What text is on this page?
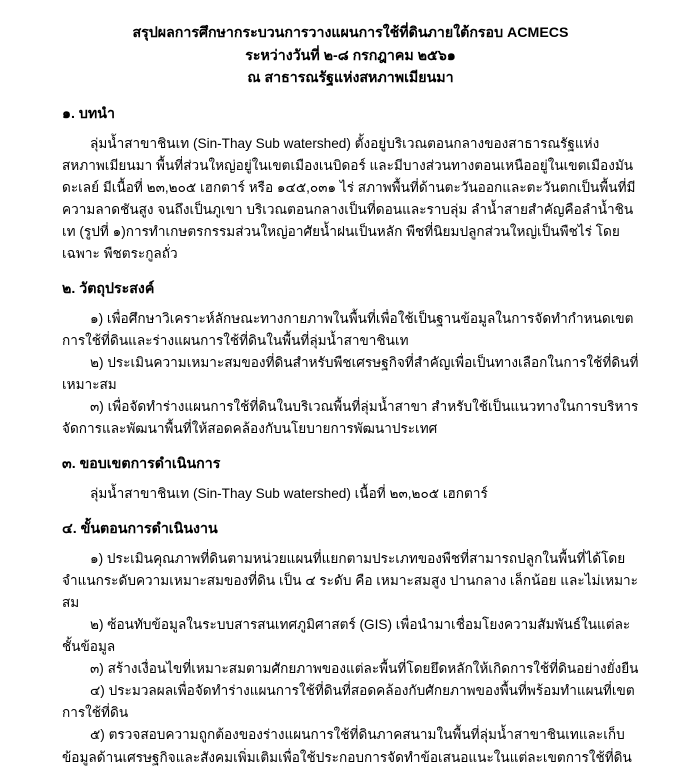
สรุปผลการศึกษากระบวนการวางแผนการใช้ที่ดินภายใต้กรอบ ACMECS
ระหว่างวันที่ ๒-๘ กรกฎาคม ๒๕๖๑
ณ สาธารณรัฐแห่งสหภาพเมียนมา
๑. บทนำ

ลุ่มน้ำสาขาชินเท (Sin-Thay Sub watershed) ตั้งอยู่บริเวณตอนกลางของสาธารณรัฐแห่งสหภาพเมียนมา พื้นที่ส่วนใหญ่อยู่ในเขตเมืองเนบิดอร์ และมีบางส่วนทางตอนเหนืออยู่ในเขตเมืองมันดะเลย์ มีเนื้อที่ ๒๓,๒๐๕ เฮกตาร์ หรือ ๑๔๕,๐๓๑ ไร่ สภาพพื้นที่ด้านตะวันออกและตะวันตกเป็นพื้นที่มีความลาดชันสูง จนถึงเป็นภูเขา บริเวณตอนกลางเป็นที่ดอนและราบลุ่ม ลำน้ำสายสำคัญคือลำน้ำชินเท (รูปที่ ๑)การทำเกษตรกรรมส่วนใหญ่อาศัยน้ำฝนเป็นหลัก พืชที่นิยมปลูกส่วนใหญ่เป็นพืชไร่ โดยเฉพาะ พืชตระกูลถั่ว

๒. วัตถุประสงค์

๑) เพื่อศึกษาวิเคราะห์ลักษณะทางกายภาพในพื้นที่เพื่อใช้เป็นฐานข้อมูลในการจัดทำกำหนดเขตการใช้ที่ดินและร่างแผนการใช้ที่ดินในพื้นที่ลุ่มน้ำสาขาชินเท

๒) ประเมินความเหมาะสมของที่ดินสำหรับพืชเศรษฐกิจที่สำคัญเพื่อเป็นทางเลือกในการใช้ที่ดินที่เหมาะสม

๓) เพื่อจัดทำร่างแผนการใช้ที่ดินในบริเวณพื้นที่ลุ่มน้ำสาขา สำหรับใช้เป็นแนวทางในการบริหารจัดการและพัฒนาพื้นที่ให้สอดคล้องกับนโยบายการพัฒนาประเทศ

๓. ขอบเขตการดำเนินการ

ลุ่มน้ำสาขาชินเท (Sin-Thay Sub watershed) เนื้อที่ ๒๓,๒๐๕ เฮกตาร์

๔. ขั้นตอนการดำเนินงาน

๑) ประเมินคุณภาพที่ดินตามหน่วยแผนที่แยกตามประเภทของพืชที่สามารถปลูกในพื้นที่ได้โดยจำแนกระดับความเหมาะสมของที่ดิน เป็น ๔ ระดับ คือ เหมาะสมสูง ปานกลาง เล็กน้อย และไม่เหมาะสม

๒) ซ้อนทับข้อมูลในระบบสารสนเทศภูมิศาสตร์ (GIS) เพื่อนำมาเชื่อมโยงความสัมพันธ์ในแต่ละชั้นข้อมูล

๓) สร้างเงื่อนไขที่เหมาะสมตามศักยภาพของแต่ละพื้นที่โดยยึดหลักให้เกิดการใช้ที่ดินอย่างยั่งยืน

๔) ประมวลผลเพื่อจัดทำร่างแผนการใช้ที่ดินที่สอดคล้องกับศักยภาพของพื้นที่พร้อมทำแผนที่เขตการใช้ที่ดิน

๕) ตรวจสอบความถูกต้องของร่างแผนการใช้ที่ดินภาคสนามในพื้นที่ลุ่มน้ำสาขาชินเทและเก็บข้อมูลด้านเศรษฐกิจและสังคมเพิ่มเติมเพื่อใช้ประกอบการจัดทำข้อเสนอแนะในแต่ละเขตการใช้ที่ดิน
